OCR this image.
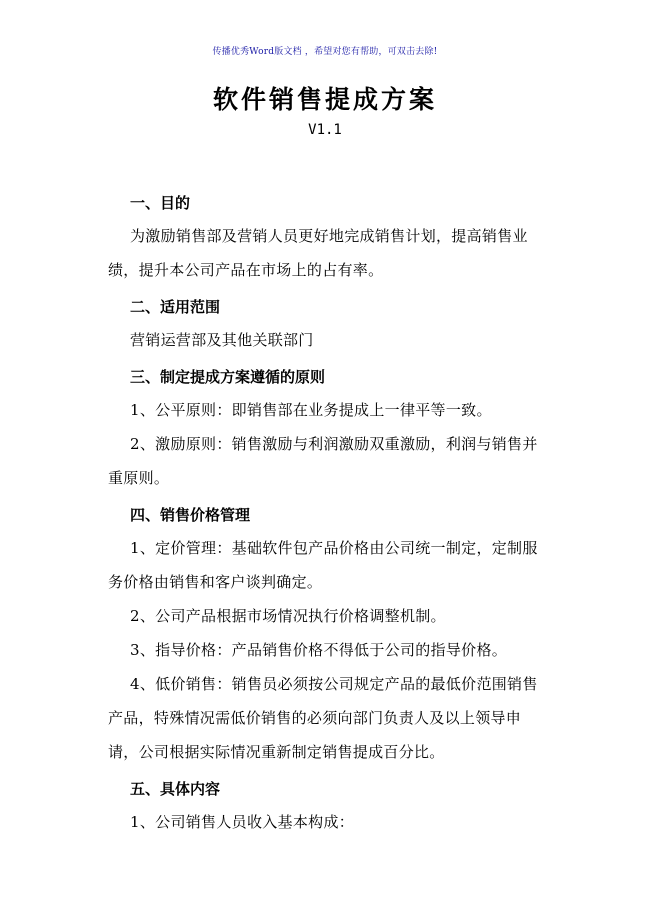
传播优秀Word版文档 ，希望对您有帮助，可双击去除!
软件销售提成方案
V1.1
一、目的

为激励销售部及营销人员更好地完成销售计划，提高销售业绩，提升本公司产品在市场上的占有率。

二、适用范围

营销运营部及其他关联部门

三、制定提成方案遵循的原则

1、公平原则：即销售部在业务提成上一律平等一致。

2、激励原则：销售激励与利润激励双重激励，利润与销售并重原则。

四、销售价格管理

1、定价管理：基础软件包产品价格由公司统一制定，定制服务价格由销售和客户谈判确定。

2、公司产品根据市场情况执行价格调整机制。

3、指导价格：产品销售价格不得低于公司的指导价格。

4、低价销售：销售员必须按公司规定产品的最低价范围销售产品，特殊情况需低价销售的必须向部门负责人及以上领导申请，公司根据实际情况重新制定销售提成百分比。

五、具体内容

1、公司销售人员收入基本构成：
